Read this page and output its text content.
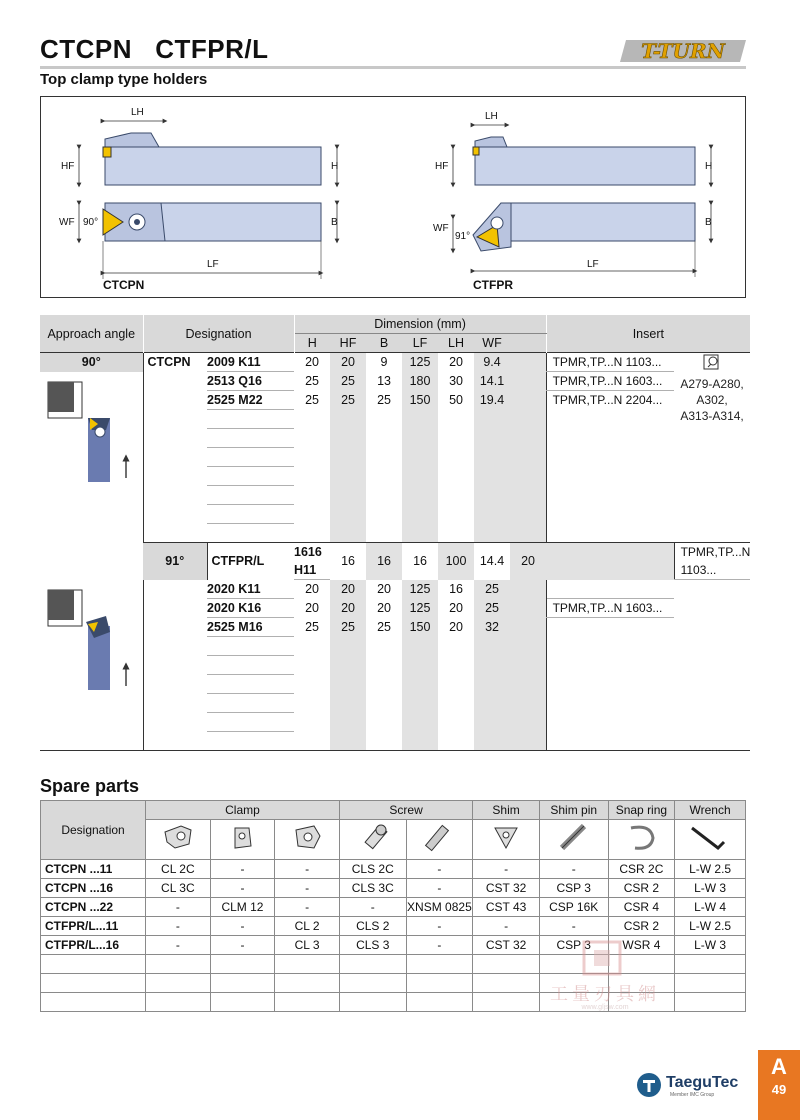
CTCPN   CTFPR/L
Top clamp type holders
T-TURN
LH
HF	H
WF 90°	B
LF
CTCPN
LH
HF	H
WF
91°
B
LF
CTFPR
Approach angle	Designation		Dimension (mm)							Insert		
			H	HF	B	LF	LH	WF				
90°	CTCPN	2009 K11	20	20	9	125	20	9.4		TPMR,TP...N 1103...	A279-A280,
A302,
A313-A314,	

		2513 Q16	25	25	13	180	30	14.1		TPMR,TP...N 1603...		
		2525 M22	25	25	25	150	50	19.4		TPMR,TP...N 2204...		

	91°	CTFPR/L	1616 H11	16	16	16	100	14.4	20		TPMR,TP...N 1103...	
		2020 K11	20	20	20	125	16	25				
		2020 K16	20	20	20	125	20	25		TPMR,TP...N 1603...		
		2525 M16	25	25	25	150	20	32				

Spare parts
Designation	Clamp			Screw		Shim	Shim pin	Snap ring	Wrench

CTCPN ...11	CL 2C	-	-	CLS 2C	-	-	-	CSR 2C	L-W 2.5
CTCPN ...16	CL 3C	-	-	CLS 3C	-	CST 32	CSP 3	CSR 2	L-W 3
CTCPN ...22	-	CLM 12	-	-	XNSM 0825	CST 43	CSP 16K	CSR 4	L-W 4
CTFPR/L...11	-	-	CL 2	CLS 2	-	-	-	CSR 2	L-W 2.5
CTFPR/L...16	-	-	CL 3	CLS 3	-	CST 32	CSP 3	WSR 4	L-W 3

工量刃具網
www.gljsw.com
TaeguTec
Member IMC Group
A
49
